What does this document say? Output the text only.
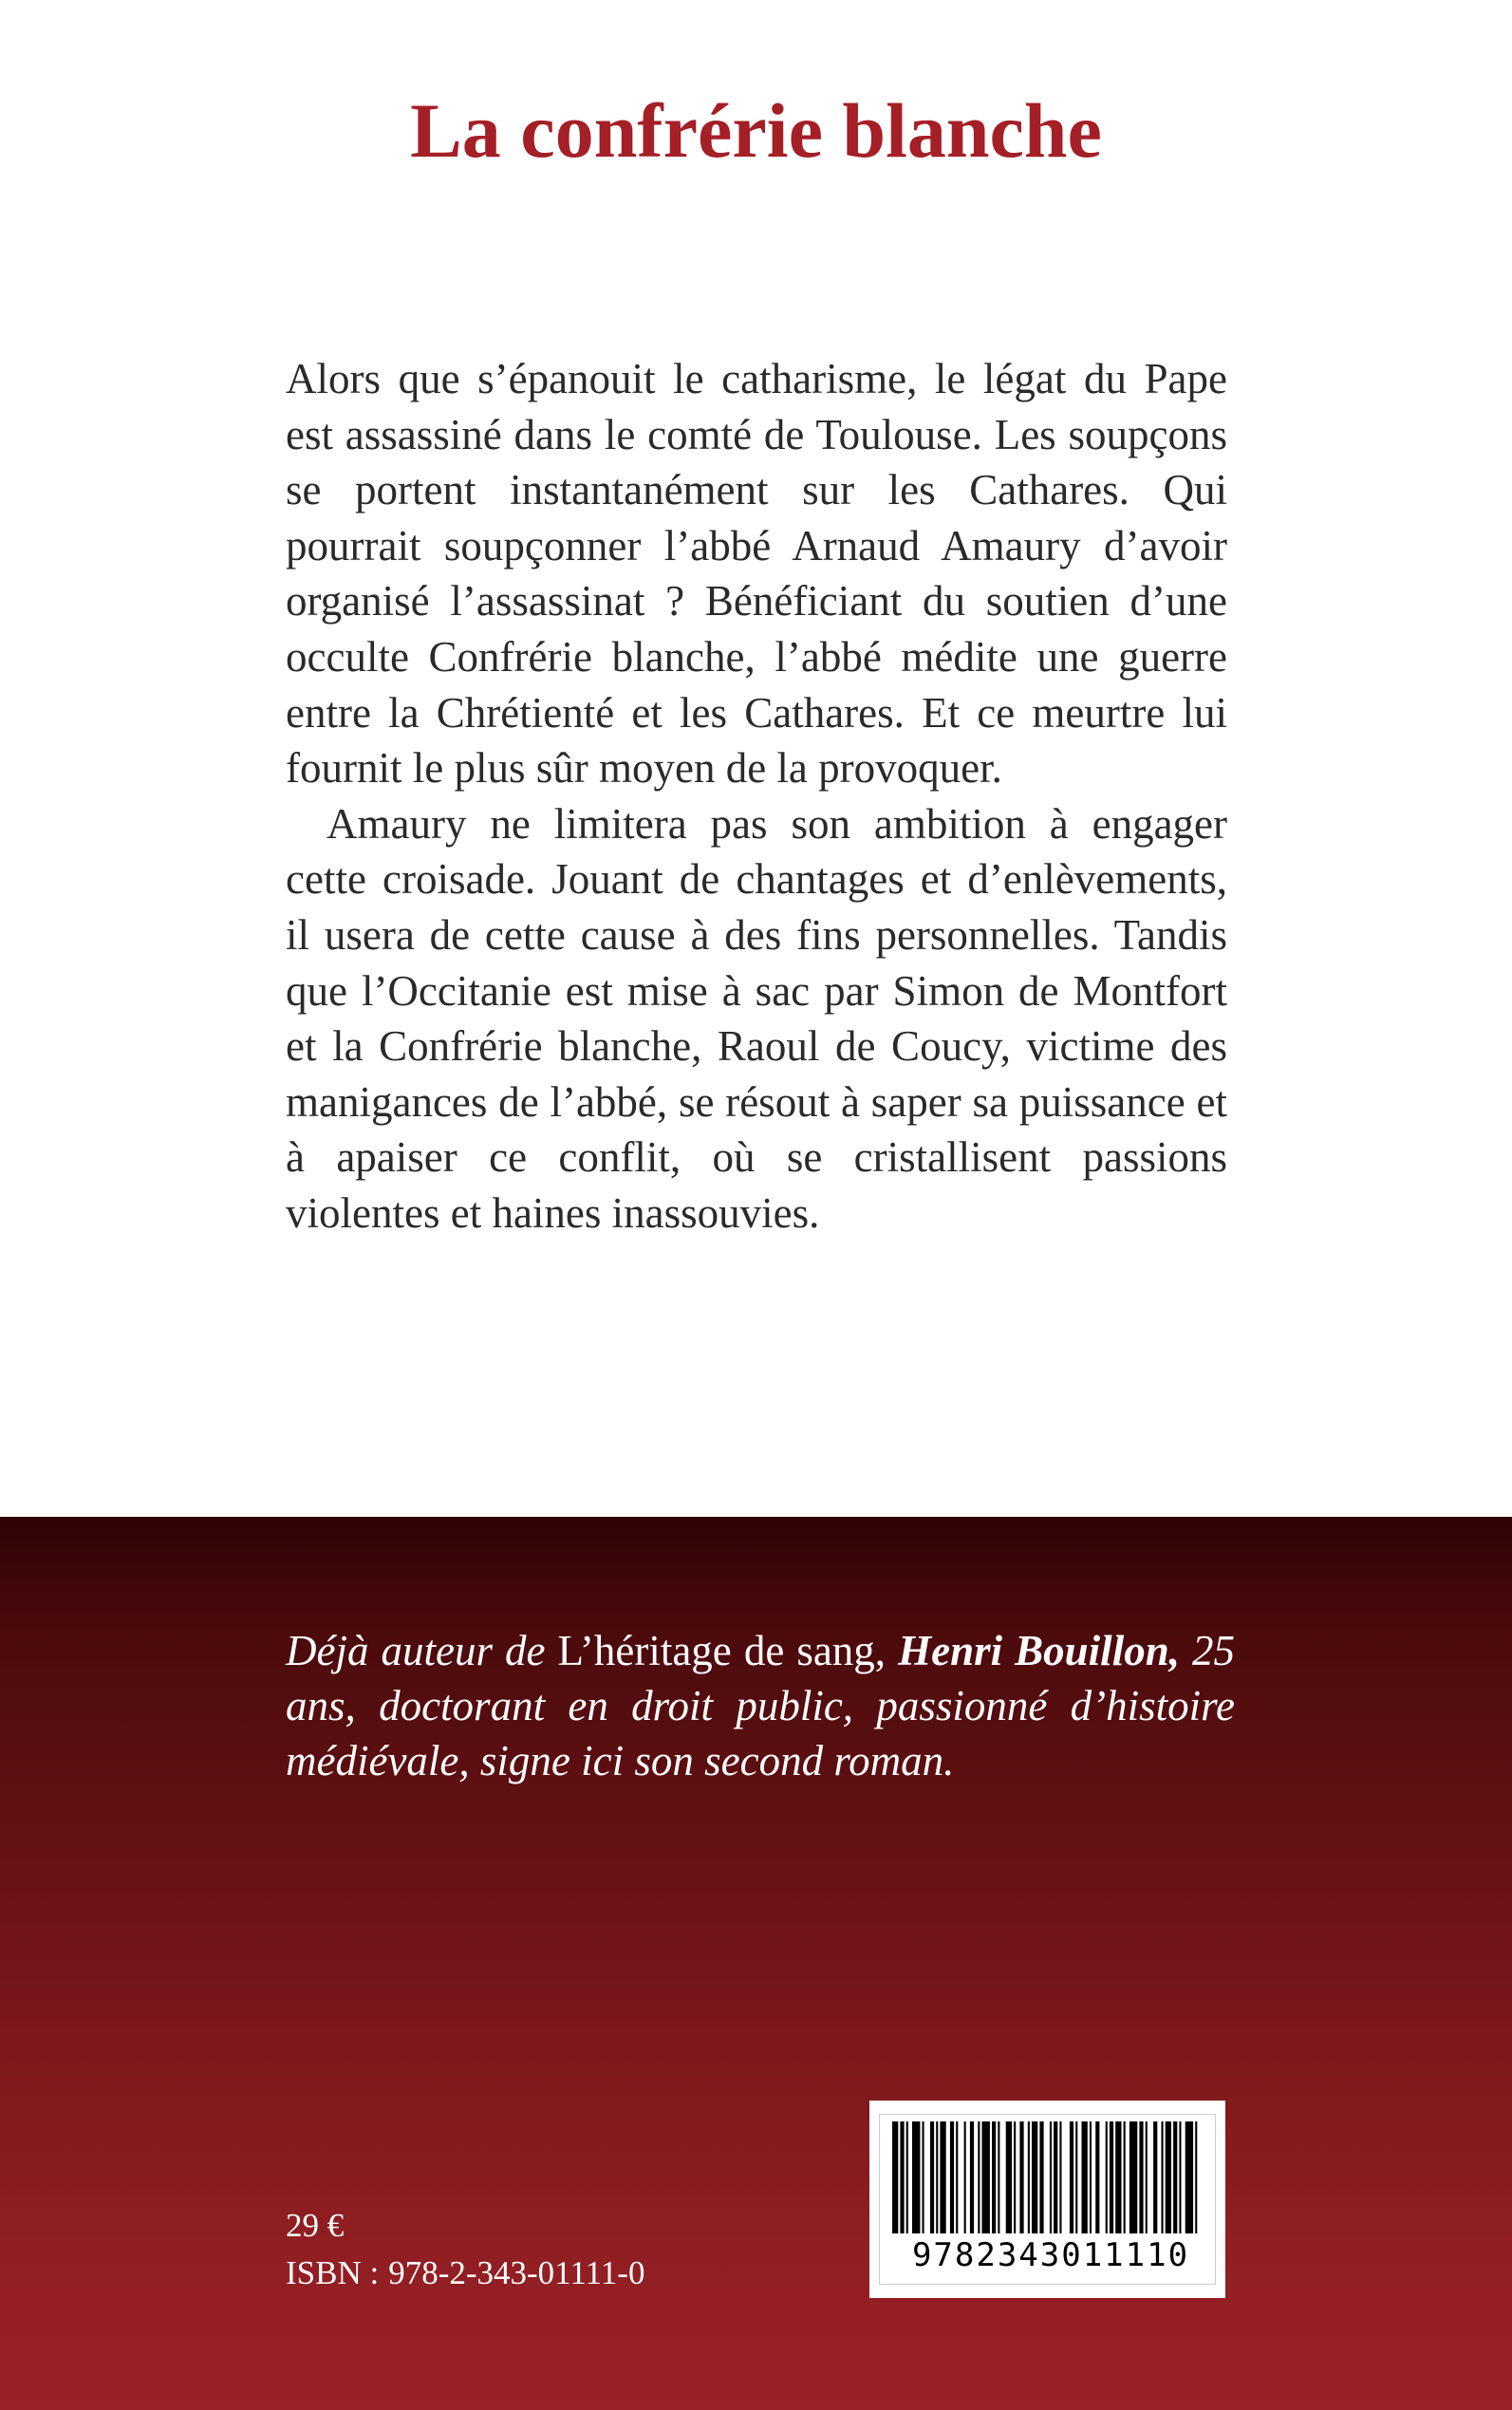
La confrérie blanche

Alors que s’épanouit le catharisme, le légat du Pape est assassiné dans le comté de Toulouse. Les soupçons se portent instantanément sur les Cathares. Qui pourrait soupçonner l’abbé Arnaud Amaury d’avoir organisé l’assassinat ? Bénéficiant du soutien d’une occulte Confrérie blanche, l’abbé médite une guerre entre la Chrétienté et les Cathares. Et ce meurtre lui fournit le plus sûr moyen de la provoquer.

Amaury ne limitera pas son ambition à engager cette croisade. Jouant de chantages et d’enlèvements, il usera de cette cause à des fins personnelles. Tandis que l’Occitanie est mise à sac par Simon de Montfort et la Confrérie blanche, Raoul de Coucy, victime des manigances de l’abbé, se résout à saper sa puissance et à apaiser ce conflit, où se cristallisent passions violentes et haines inassouvies.

Déjà auteur de L’héritage de sang, Henri Bouillon, 25 ans, doctorant en droit public, passionné d’histoire médiévale, signe ici son second roman.

29 €
ISBN : 978-2-343-01111-0	9782343011110
